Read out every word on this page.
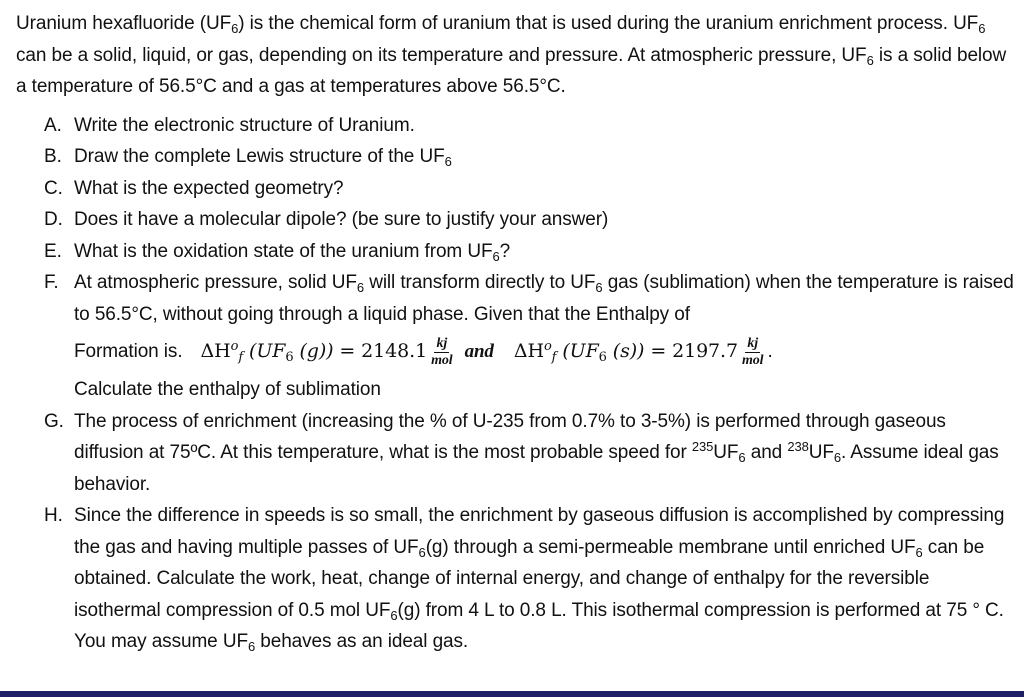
Uranium hexafluoride $(UF_6)$ is the chemical form of uranium that is used during the uranium enrichment process. $UF_6$ can be a solid, liquid, or gas, depending on its temperature and pressure. At atmospheric pressure, $UF_6$ is a solid below a temperature of 56.5°C and a gas at temperatures above 56.5°C.

A. Write the electronic structure of Uranium.
B. Draw the complete Lewis structure of the $UF_6$
C. What is the expected geometry?
D. Does it have a molecular dipole? (be sure to justify your answer)
E. What is the oxidation state of the uranium from $UF_6$?
F. At atmospheric pressure, solid $UF_6$ will transform directly to $UF_6$ gas (sublimation) when the temperature is raised to 56.5°C, without going through a liquid phase. Given that the Enthalpy of
Formation is. $\Delta H^o_f$ ($UF_6$ $(g)) = 2148.1 \frac{kj}{\text{mol}}$ and $\Delta H^o_f$ ($UF_6$ $(s)) = 2197.7 \frac{kj}{\text{mol}}$ .
Calculate the enthalpy of sublimation
G. The process of enrichment (increasing the % of U-235 from 0.7% to 3-5%) is performed through gaseous diffusion at 75ºC. At this temperature, what is the most probable speed for $^{235}UF_6$ and $^{238}UF_6$. Assume ideal gas behavior.
H. Since the difference in speeds is so small, the enrichment by gaseous diffusion is accomplished by compressing the gas and having multiple passes of $UF_6(g)$ through a semi-permeable membrane until enriched $UF_6$ can be obtained. Calculate the work, heat, change of internal energy, and change of enthalpy for the reversible isothermal compression of 0.5 mol $UF_6(g)$ from 4 L to 0.8 L. This isothermal compression is performed at 75 ° C. You may assume $UF_6$ behaves as an ideal gas.
